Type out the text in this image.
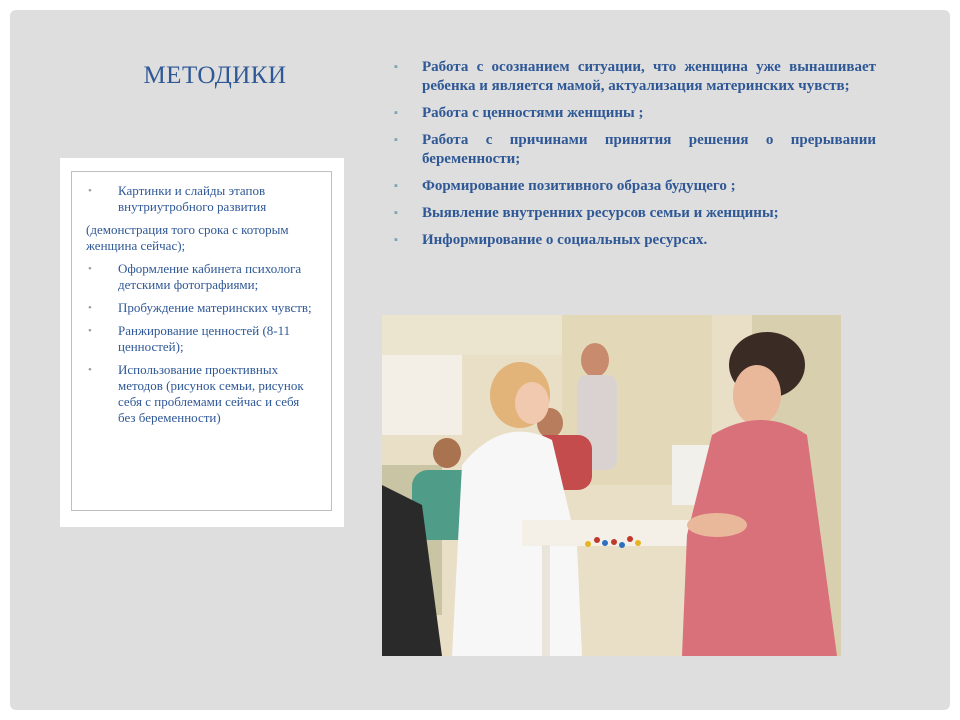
МЕТОДИКИ
• Картинки и слайды этапов внутриутробного развития
(демонстрация того срока с которым женщина сейчас);
• Оформление кабинета психолога детскими фотографиями;
• Пробуждение материнских чувств;
• Ранжирование ценностей (8-11 ценностей);
• Использование проективных методов (рисунок семьи, рисунок себя с проблемами сейчас и себя без беременности)
▪ Работа с осознанием ситуации, что женщина уже вынашивает ребенка и является мамой, актуализация материнских чувств;
▪ Работа с ценностями женщины ;
▪ Работа с причинами принятия решения о прерывании беременности;
▪ Формирование позитивного образа будущего ;
▪ Выявление внутренних ресурсов семьи и женщины;
▪ Информирование о социальных ресурсах.
